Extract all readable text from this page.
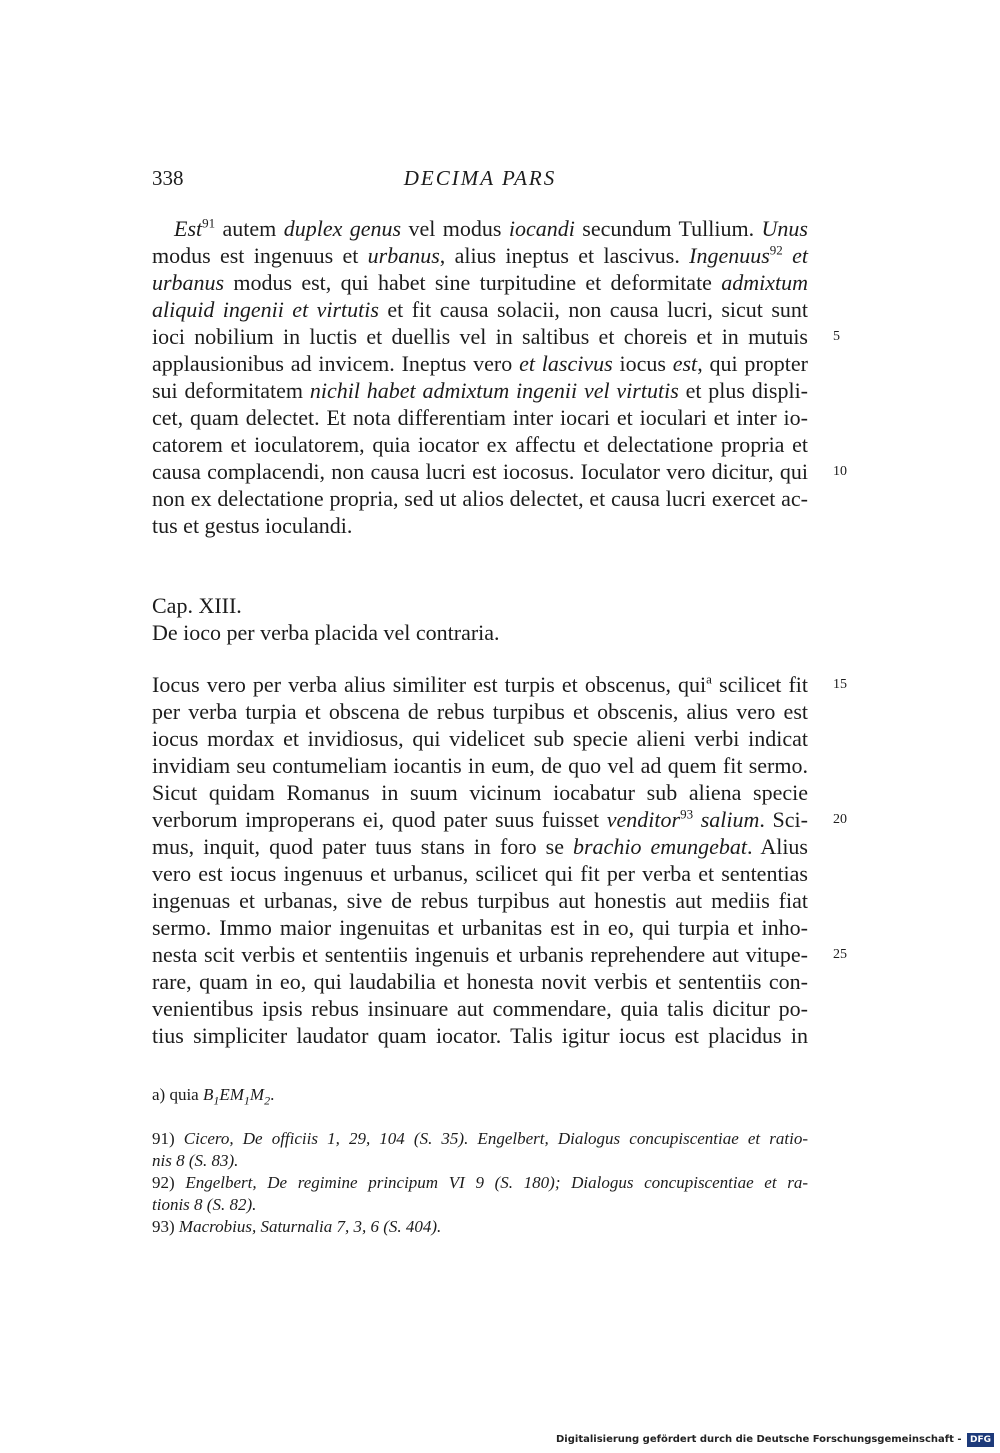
338	DECIMA PARS
Est$^{91}$ autem duplex genus vel modus iocandi secundum Tullium. Unus
modus est ingenuus et urbanus, alius ineptus et lascivus. Ingenuus$^{92}$ et
urbanus modus est, qui habet sine turpitudine et deformitate admixtum
aliquid ingenii et virtutis et fit causa solacii, non causa lucri, sicut sunt
ioci nobilium in luctis et duellis vel in saltibus et choreis et in mutuis
applausionibus ad invicem. Ineptus vero et lascivus iocus est, qui propter
sui deformitatem nichil habet admixtum ingenii vel virtutis et plus displi-
cet, quam delectet. Et nota differentiam inter iocari et ioculari et inter io-
catorem et ioculatorem, quia iocator ex affectu et delectatione propria et
causa complacendi, non causa lucri est iocosus. Ioculator vero dicitur, qui
non ex delectatione propria, sed ut alios delectet, et causa lucri exercet ac-
tus et gestus ioculandi.
Cap. XIII.
De ioco per verba placida vel contraria.
Iocus vero per verba alius similiter est turpis et obscenus, qui$^a$ scilicet fit
per verba turpia et obscena de rebus turpibus et obscenis, alius vero est
iocus mordax et invidiosus, qui videlicet sub specie alieni verbi indicat
invidiam seu contumeliam iocantis in eum, de quo vel ad quem fit sermo.
Sicut quidam Romanus in suum vicinum iocabatur sub aliena specie
verborum improperans ei, quod pater suus fuisset venditor$^{93}$ salium. Sci-
mus, inquit, quod pater tuus stans in foro se brachio emungebat. Alius
vero est iocus ingenuus et urbanus, scilicet qui fit per verba et sententias
ingenuas et urbanas, sive de rebus turpibus aut honestis aut mediis fiat
sermo. Immo maior ingenuitas et urbanitas est in eo, qui turpia et inho-
nesta scit verbis et sententiis ingenuis et urbanis reprehendere aut vitupe-
rare, quam in eo, qui laudabilia et honesta novit verbis et sententiis con-
venientibus ipsis rebus insinuare aut commendare, quia talis dicitur po-
tius simpliciter laudator quam iocator. Talis igitur iocus est placidus in
5
10
15
20
25
a) quia $B_1EM_1M_2$.
91) Cicero, De officiis 1, 29, 104 (S. 35). Engelbert, Dialogus concupiscentiae et ratio-
nis 8 (S. 83).
92) Engelbert, De regimine principum VI 9 (S. 180); Dialogus concupiscentiae et ra-
tionis 8 (S. 82).
93) Macrobius, Saturnalia 7, 3, 6 (S. 404).
Digitalisierung gefördert durch die Deutsche Forschungsgemeinschaft - DFG
